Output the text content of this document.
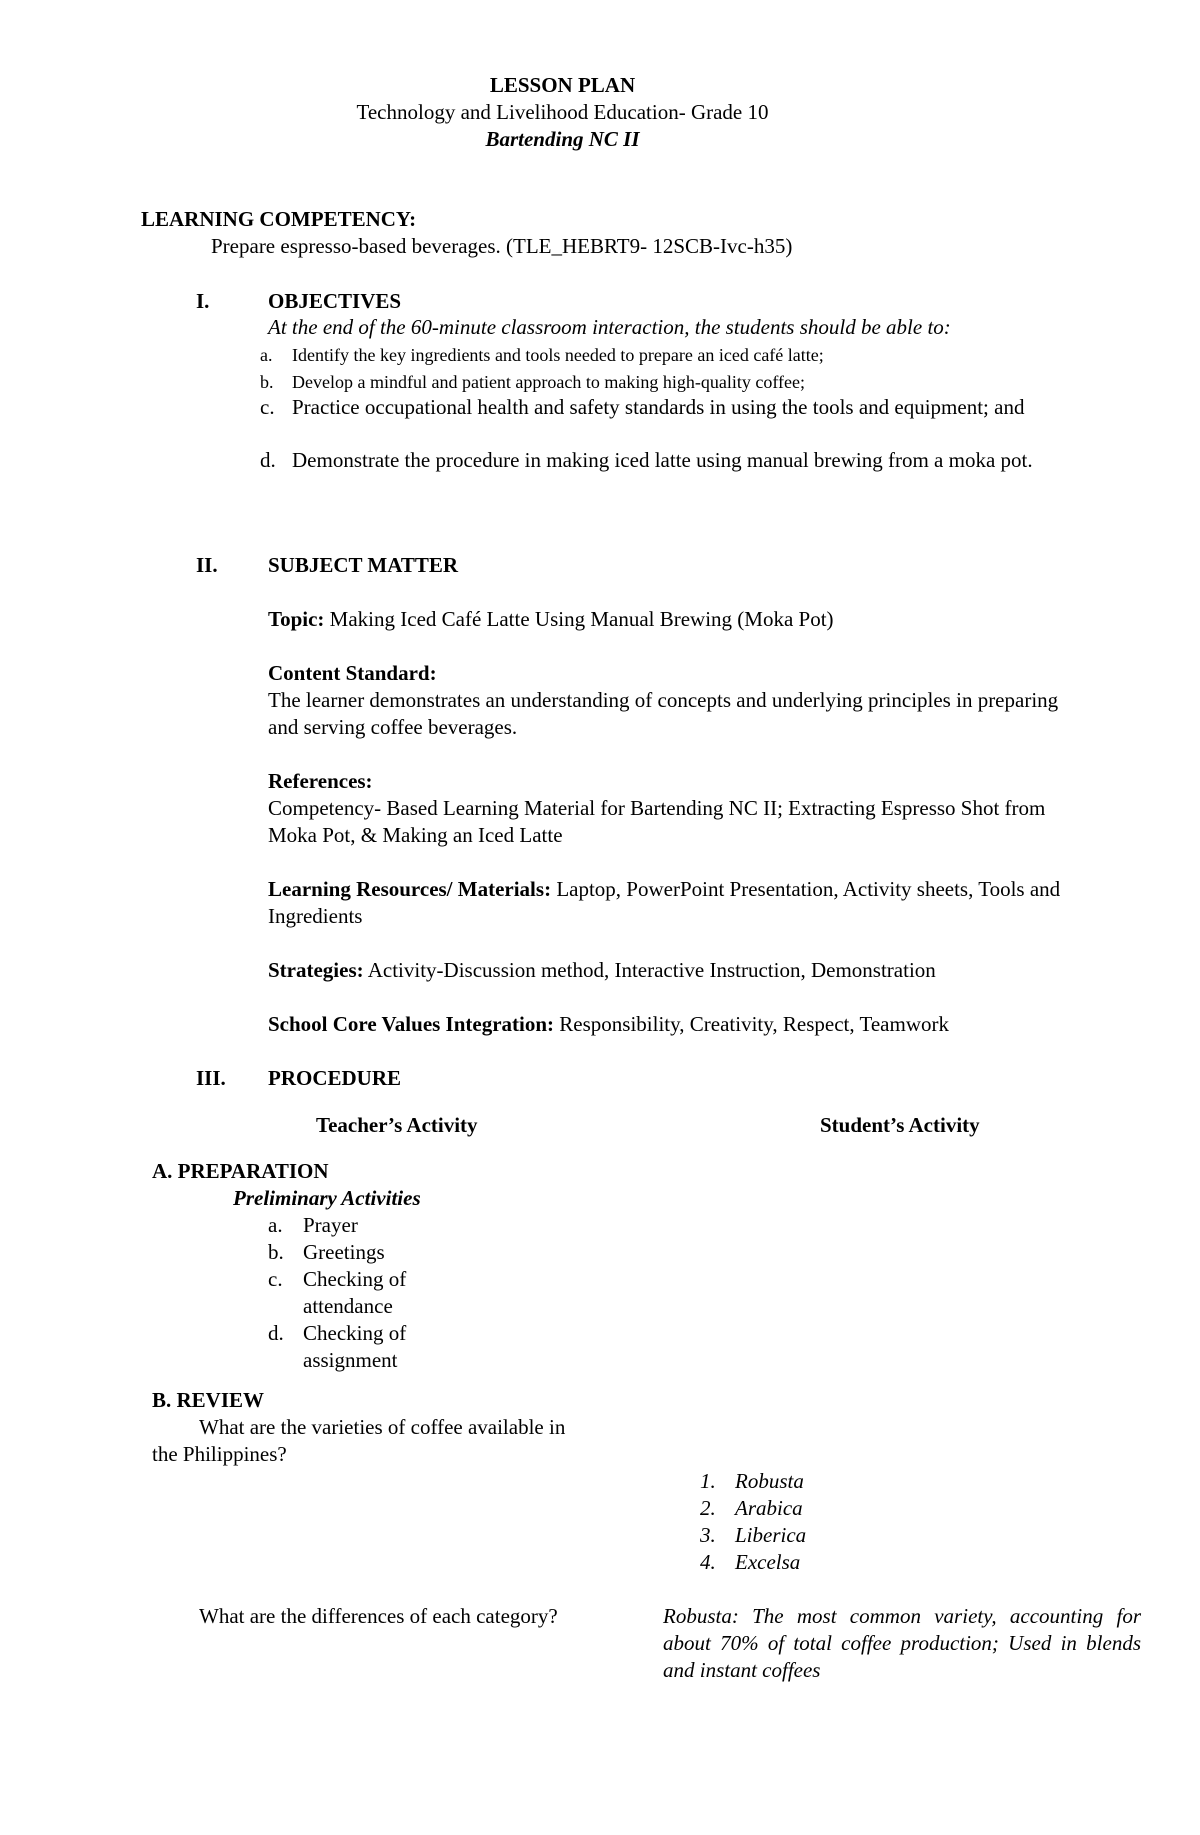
LESSON PLAN
Technology and Livelihood Education- Grade 10
Bartending NC II
LEARNING COMPETENCY:
Prepare espresso-based beverages. (TLE_HEBRT9- 12SCB-Ivc-h35)
I.	OBJECTIVES
At the end of the 60-minute classroom interaction, the students should be able to:
a. Identify the key ingredients and tools needed to prepare an iced café latte;
b. Develop a mindful and patient approach to making high-quality coffee;
c. Practice occupational health and safety standards in using the tools and equipment; and
d. Demonstrate the procedure in making iced latte using manual brewing from a moka pot.
II. SUBJECT MATTER
Topic: Making Iced Café Latte Using Manual Brewing (Moka Pot)
Content Standard:
The learner demonstrates an understanding of concepts and underlying principles in preparing and serving coffee beverages.
References:
Competency- Based Learning Material for Bartending NC II; Extracting Espresso Shot from Moka Pot, & Making an Iced Latte
Learning Resources/ Materials: Laptop, PowerPoint Presentation, Activity sheets, Tools and Ingredients
Strategies: Activity-Discussion method, Interactive Instruction, Demonstration
School Core Values Integration: Responsibility, Creativity, Respect, Teamwork
III. PROCEDURE
Teacher’s Activity	Student’s Activity
A. PREPARATION
Preliminary Activities
a. Prayer
b. Greetings
c. Checking of
attendance
d. Checking of
assignment
B. REVIEW
What are the varieties of coffee available in
the Philippines?
1. Robusta
2. Arabica
3. Liberica
4. Excelsa
What are the differences of each category?	Robusta: The most common variety, accounting for about 70% of total coffee production; Used in blends and instant coffees
